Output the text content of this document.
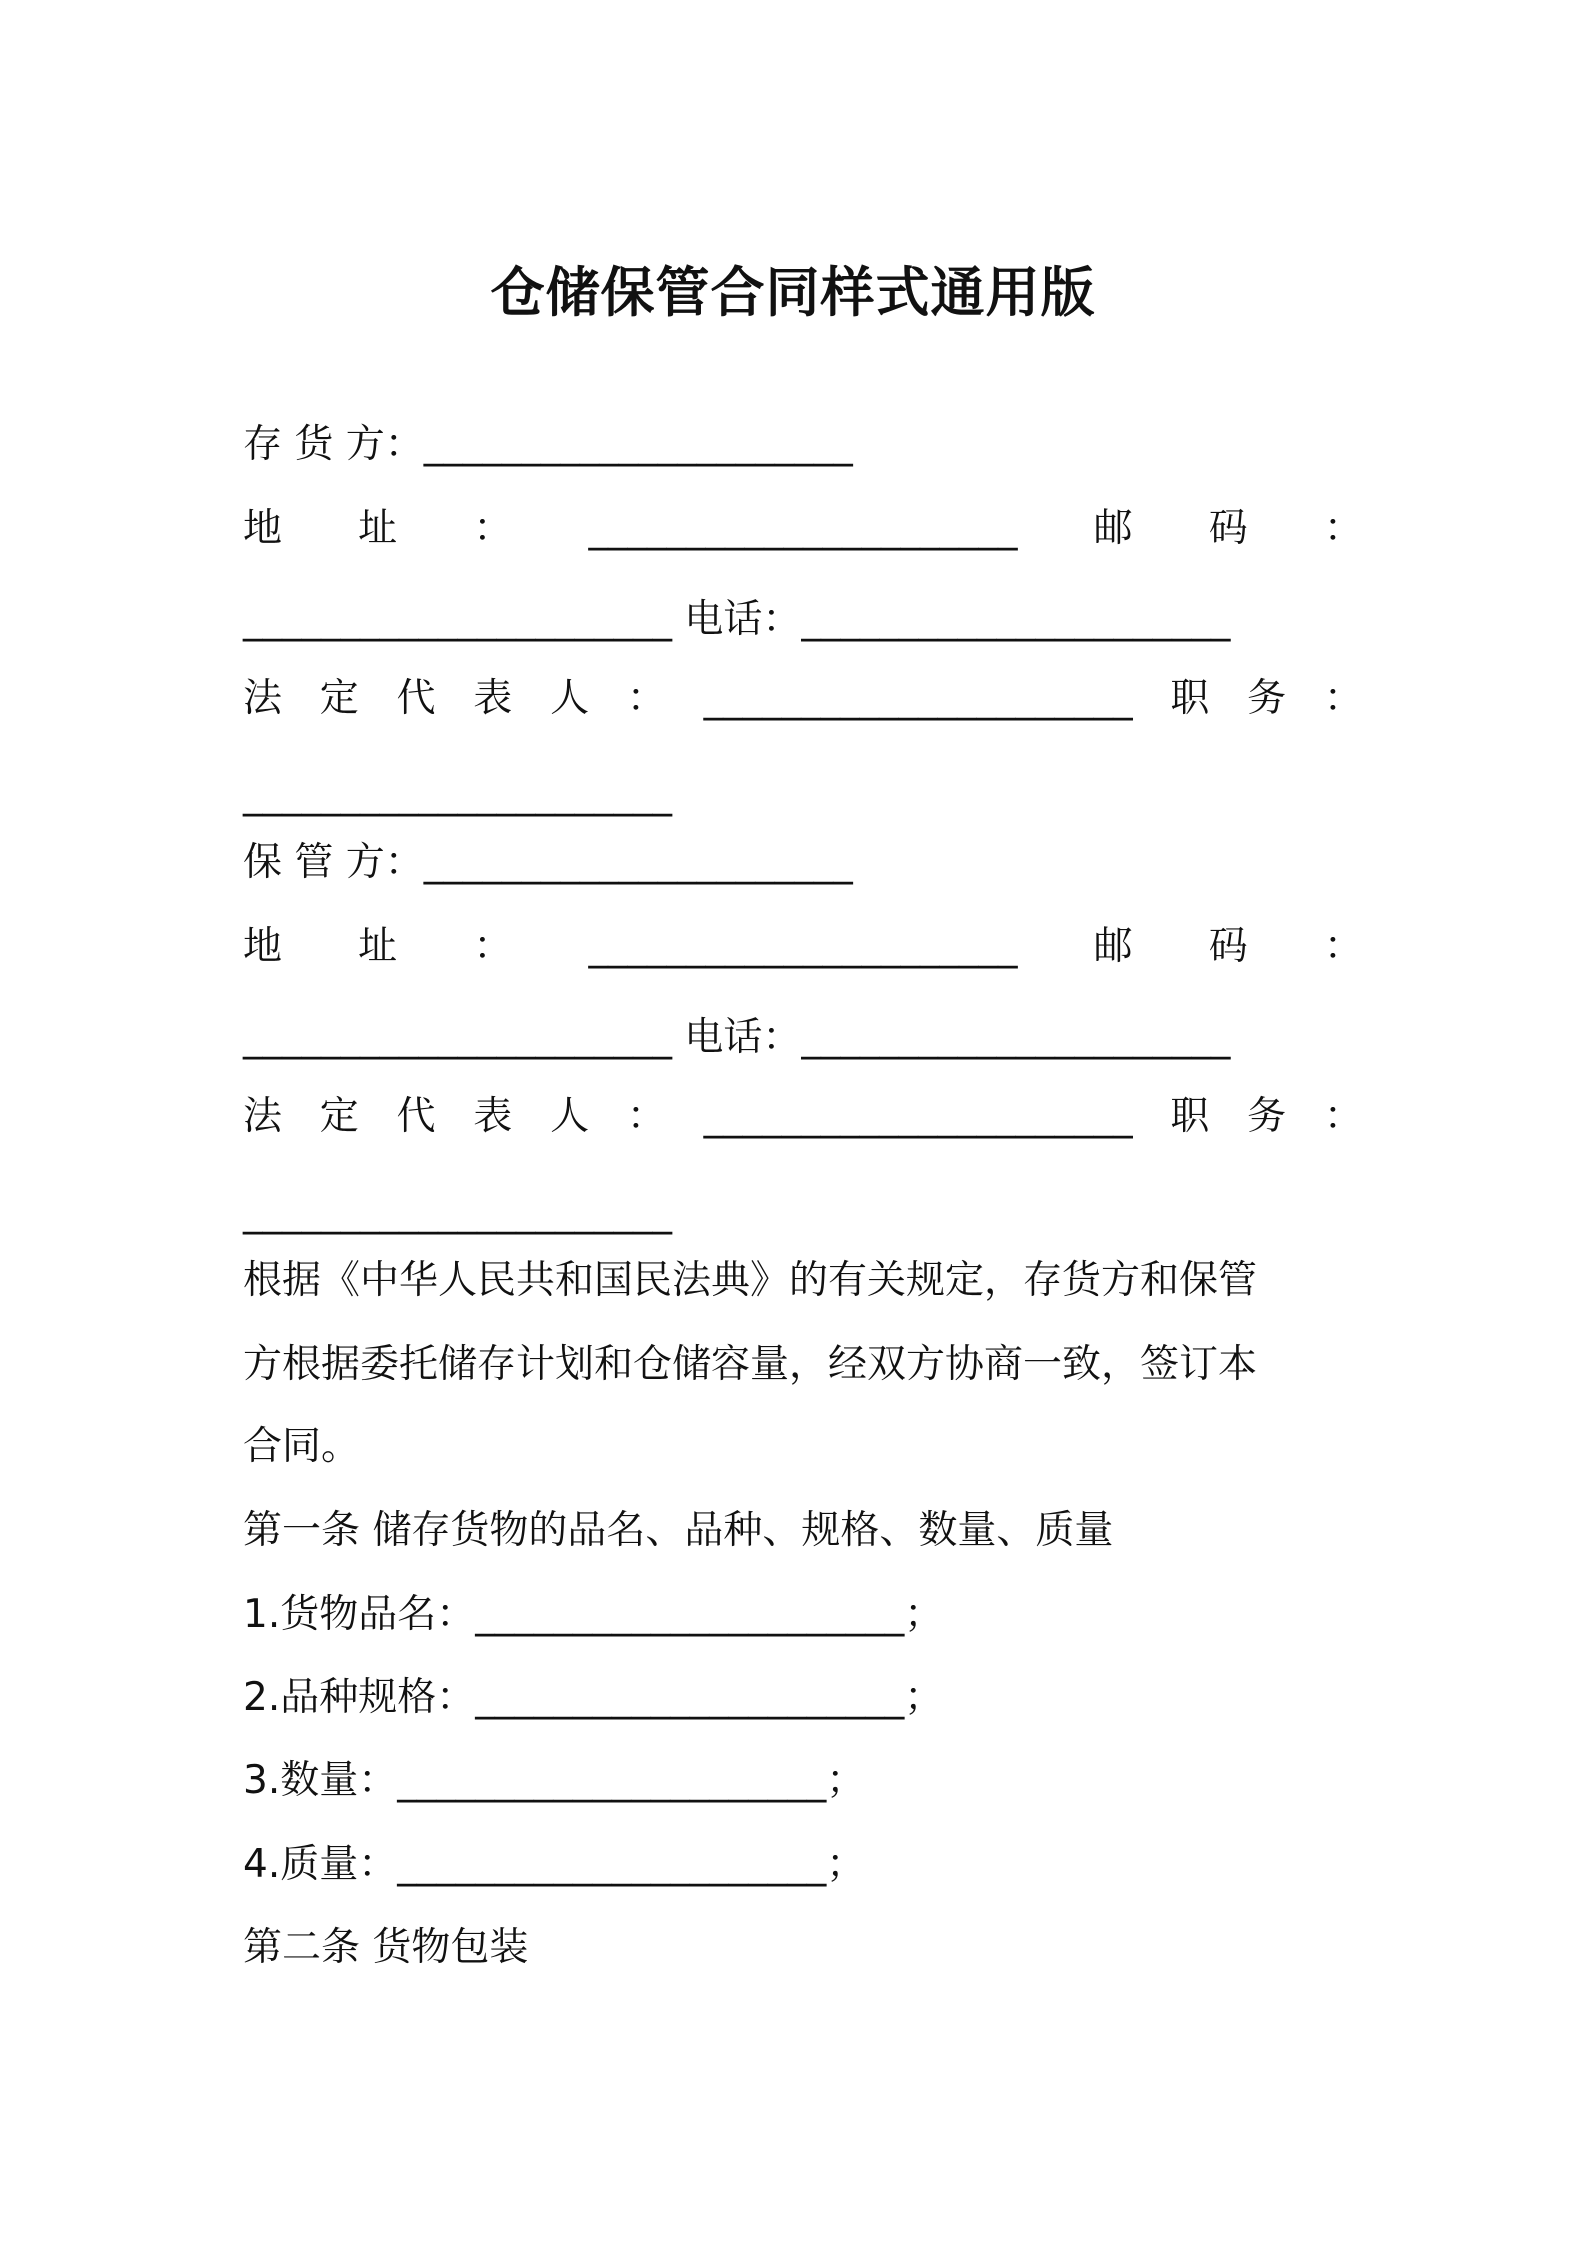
仓储保管合同样式通用版
存 货 方：______________________
地 址 ： ______________________ 邮 码 ：
______________________ 电话：______________________
法 定 代 表 人 ： ______________________ 职 务 ：
______________________
保 管 方：______________________
地 址 ： ______________________ 邮 码 ：
______________________ 电话：______________________
法 定 代 表 人 ： ______________________ 职 务 ：
______________________
根据《中华人民共和国民法典》的有关规定，存货方和保管
方根据委托储存计划和仓储容量，经双方协商一致，签订本
合同。
第一条 储存货物的品名、品种、规格、数量、质量
1.货物品名：______________________；
2.品种规格：______________________；
3.数量：______________________；
4.质量：______________________；
第二条 货物包装
